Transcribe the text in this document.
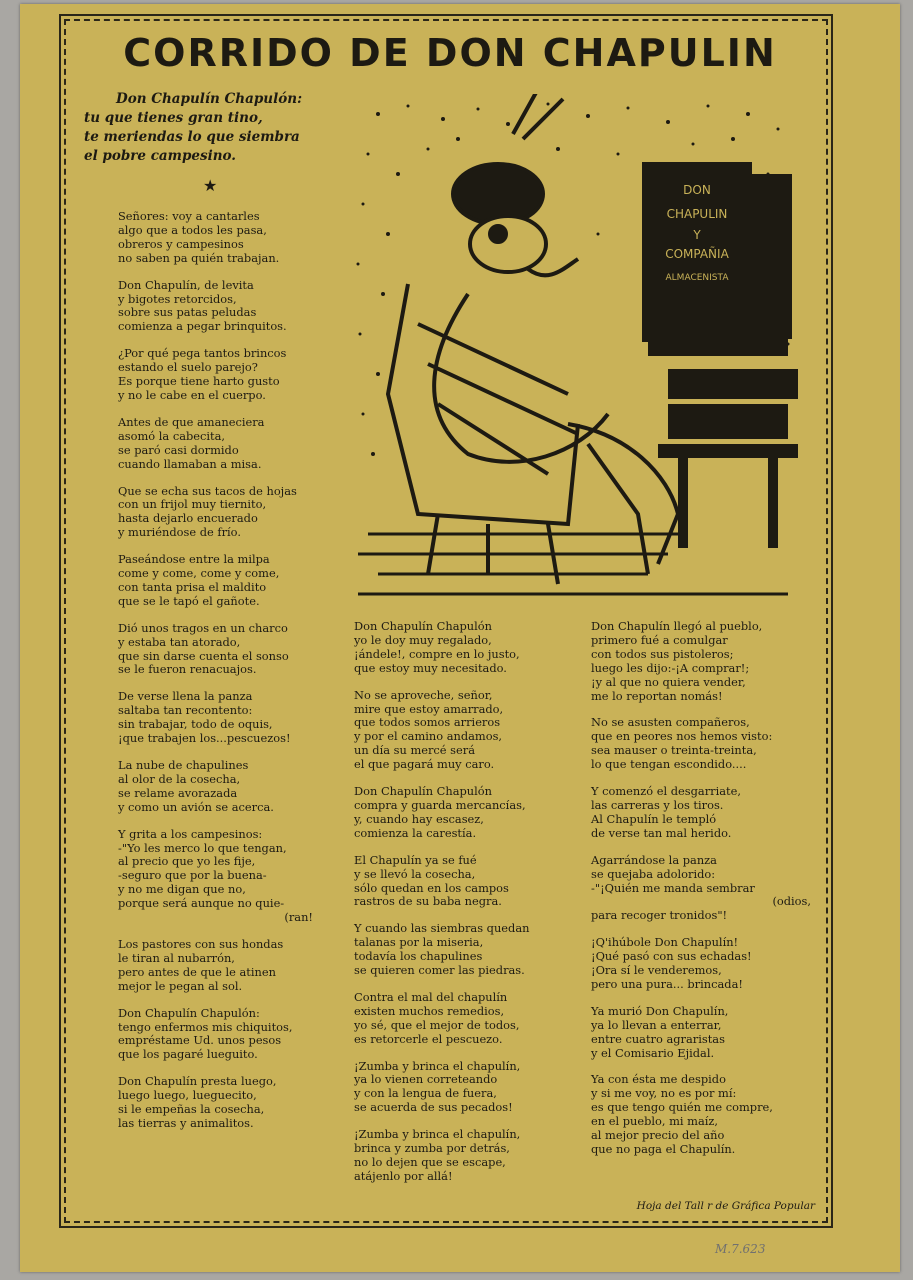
CORRIDO DE DON CHAPULIN
Don Chapulín Chapulón:
tu que tienes gran tino,
te meriendas lo que siembra
el pobre campesino.
★	DON
CHAPULIN
Y
COMPAÑIA
ALMACENISTA
Señores: voy a cantarles
algo que a todos les pasa,
obreros y campesinos
no saben pa quién trabajan.
Don Chapulín, de levita
y bigotes retorcidos,
sobre sus patas peludas
comienza a pegar brinquitos.
¿Por qué pega tantos brincos
estando el suelo parejo?
Es porque tiene harto gusto
y no le cabe en el cuerpo.
Antes de que amaneciera
asomó la cabecita,
se paró casi dormido
cuando llamaban a misa.
Que se echa sus tacos de hojas
con un frijol muy tiernito,
hasta dejarlo encuerado
y muriéndose de frío.
Paseándose entre la milpa
come y come, come y come,
con tanta prisa el maldito
que se le tapó el gañote.
Dió unos tragos en un charco
y estaba tan atorado,
que sin darse cuenta el sonso
se le fueron renacuajos.
De verse llena la panza
saltaba tan recontento:
sin trabajar, todo de oquis,
¡que trabajen los...pescuezos!
La nube de chapulines
al olor de la cosecha,
se relame avorazada
y como un avión se acerca.
Y grita a los campesinos:
-"Yo les merco lo que tengan,
al precio que yo les fije,
-seguro que por la buena-
y no me digan que no,
porque será aunque no quie-
(ran!
Los pastores con sus hondas
le tiran al nubarrón,
pero antes de que le atinen
mejor le pegan al sol.
Don Chapulín Chapulón:
tengo enfermos mis chiquitos,
empréstame Ud. unos pesos
que los pagaré lueguito.
Don Chapulín presta luego,
luego luego, lueguecito,
si le empeñas la cosecha,
las tierras y animalitos.
Don Chapulín Chapulón
yo le doy muy regalado,
¡ándele!, compre en lo justo,
que estoy muy necesitado.
No se aproveche, señor,
mire que estoy amarrado,
que todos somos arrieros
y por el camino andamos,
un día su mercé será
el que pagará muy caro.
Don Chapulín Chapulón
compra y guarda mercancías,
y, cuando hay escasez,
comienza la carestía.
El Chapulín ya se fué
y se llevó la cosecha,
sólo quedan en los campos
rastros de su baba negra.
Y cuando las siembras quedan
talanas por la miseria,
todavía los chapulines
se quieren comer las piedras.
Contra el mal del chapulín
existen muchos remedios,
yo sé, que el mejor de todos,
es retorcerle el pescuezo.
¡Zumba y brinca el chapulín,
ya lo vienen correteando
y con la lengua de fuera,
se acuerda de sus pecados!
¡Zumba y brinca el chapulín,
brinca y zumba por detrás,
no lo dejen que se escape,
atájenlo por allá!
Don Chapulín llegó al pueblo,
primero fué a comulgar
con todos sus pistoleros;
luego les dijo:-¡A comprar!;
¡y al que no quiera vender,
me lo reportan nomás!
No se asusten compañeros,
que en peores nos hemos visto:
sea mauser o treinta-treinta,
lo que tengan escondido....
Y comenzó el desgarriate,
las carreras y los tiros.
Al Chapulín le templó
de verse tan mal herido.
Agarrándose la panza
se quejaba adolorido:
-"¡Quién me manda sembrar
(odios,
para recoger tronidos"!
¡Q'ihúbole Don Chapulín!
¡Qué pasó con sus echadas!
¡Ora sí le venderemos,
pero una pura... brincada!
Ya murió Don Chapulín,
ya lo llevan a enterrar,
entre cuatro agraristas
y el Comisario Ejidal.
Ya con ésta me despido
y si me voy, no es por mí:
es que tengo quién me compre,
en el pueblo, mi maíz,
al mejor precio del año
que no paga el Chapulín.
Hoja del Tall r de Gráfica Popular
M.7.623
